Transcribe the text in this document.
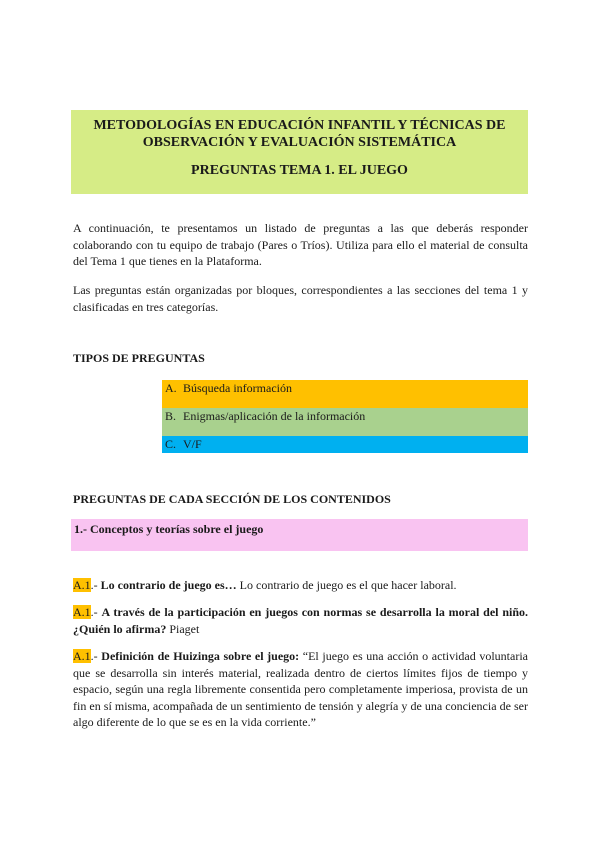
METODOLOGÍAS EN EDUCACIÓN INFANTIL Y TÉCNICAS DE
OBSERVACIÓN Y EVALUACIÓN SISTEMÁTICA
PREGUNTAS TEMA 1. EL JUEGO
A continuación, te presentamos un listado de preguntas a las que deberás responder colaborando con tu equipo de trabajo (Pares o Tríos). Utiliza para ello el material de consulta del Tema 1 que tienes en la Plataforma.
Las preguntas están organizadas por bloques, correspondientes a las secciones del tema 1 y clasificadas en tres categorías.
TIPOS DE PREGUNTAS
A. Búsqueda información
B. Enigmas/aplicación de la información
C. V/F
PREGUNTAS DE CADA SECCIÓN DE LOS CONTENIDOS
1.- Conceptos y teorías sobre el juego
A.1.- Lo contrario de juego es… Lo contrario de juego es el que hacer laboral.
A.1.- A través de la participación en juegos con normas se desarrolla la moral del niño. ¿Quién lo afirma? Piaget
A.1.- Definición de Huizinga sobre el juego: “El juego es una acción o actividad voluntaria que se desarrolla sin interés material, realizada dentro de ciertos límites fijos de tiempo y espacio, según una regla libremente consentida pero completamente imperiosa, provista de un fin en sí misma, acompañada de un sentimiento de tensión y alegría y de una conciencia de ser algo diferente de lo que se es en la vida corriente.”
